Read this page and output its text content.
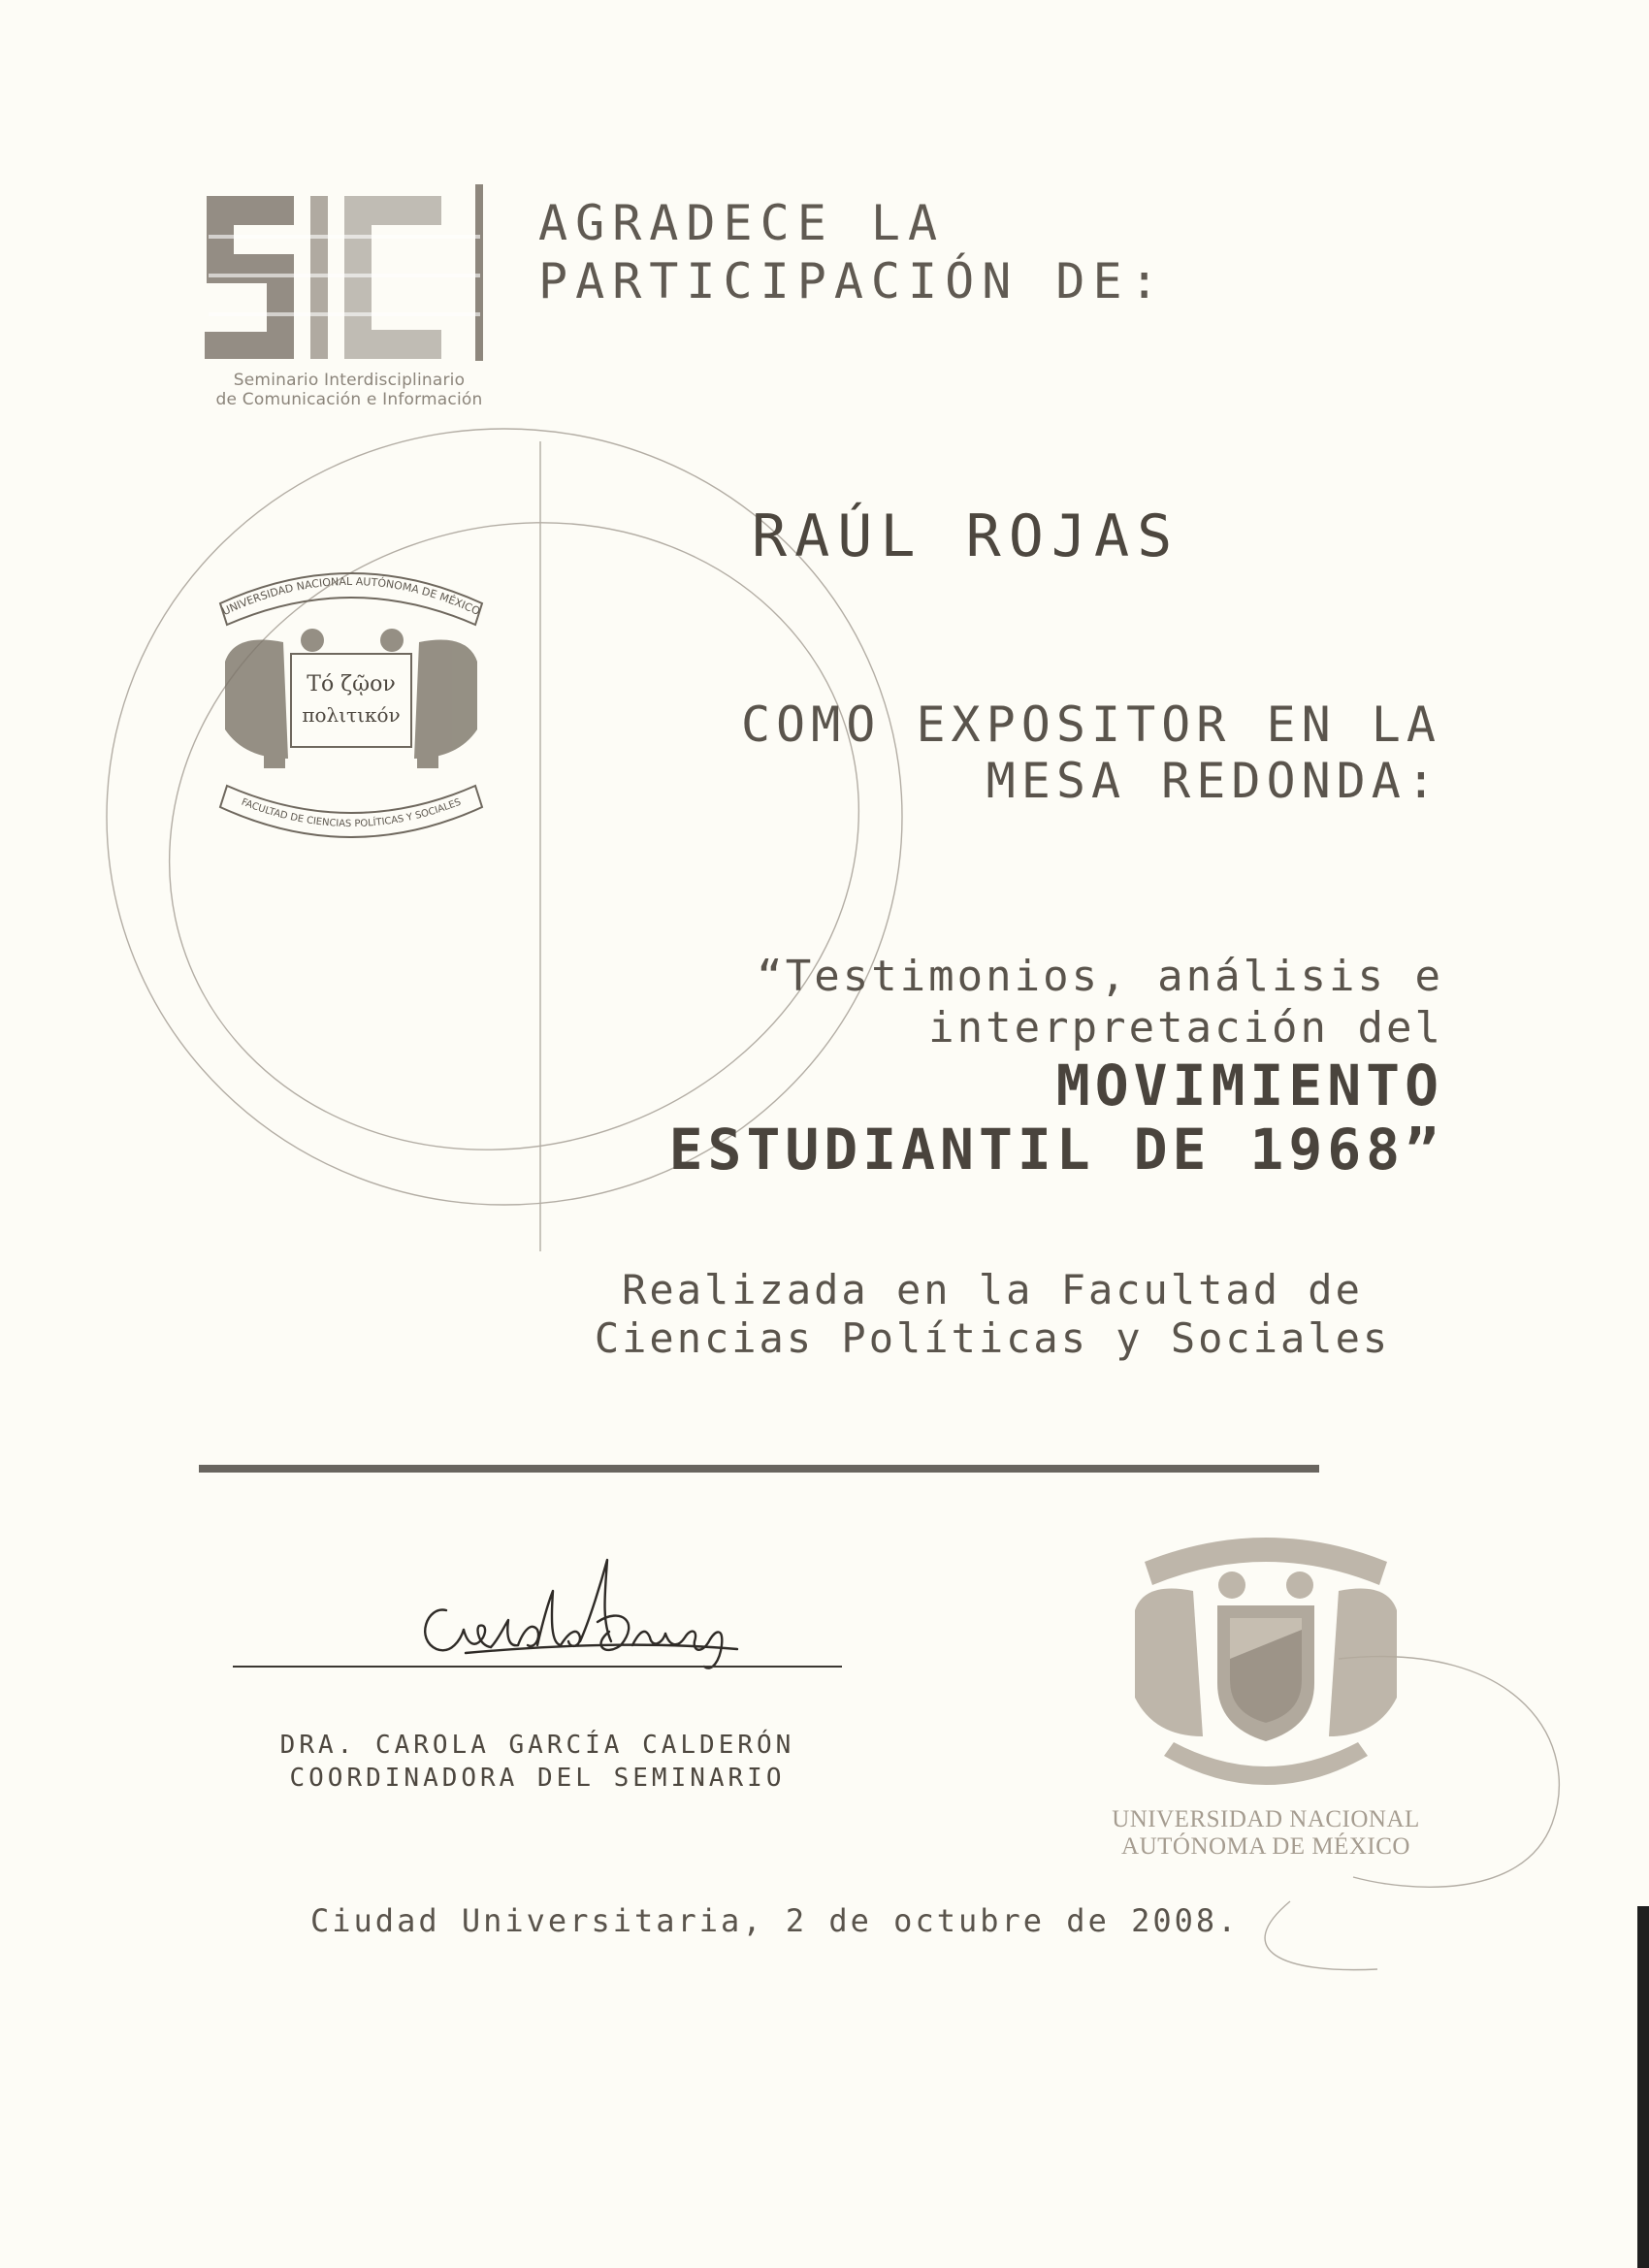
Seminario Interdisciplinario
de Comunicación e Información
AGRADECE LA
PARTICIPACIÓN DE:
RAÚL ROJAS
UNIVERSIDAD NACIONAL AUTÓNOMA DE MÉXICO
FACULTAD DE CIENCIAS POLÍTICAS Y SOCIALES
Τό ζῷον
πολιτικόν	COMO EXPOSITOR EN LA
MESA REDONDA:
“Testimonios, análisis e
interpretación del
MOVIMIENTO
ESTUDIANTIL DE 1968”
Realizada en la Facultad de
Ciencias Políticas y Sociales
DRA. CAROLA GARCÍA CALDERÓN
COORDINADORA DEL SEMINARIO
UNIVERSIDAD NACIONAL
AUTÓNOMA DE MÉXICO
Ciudad Universitaria, 2 de octubre de 2008.
